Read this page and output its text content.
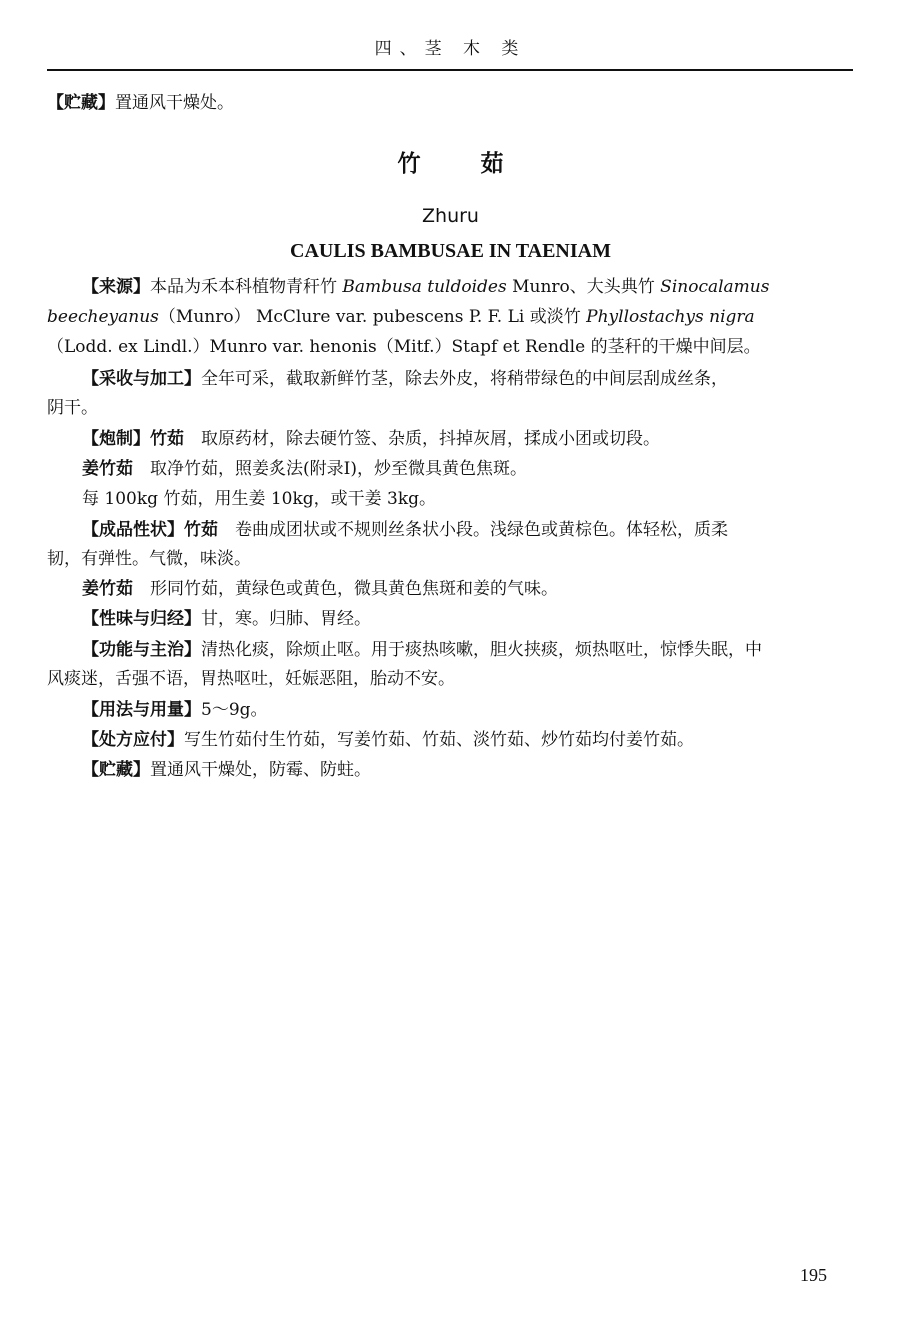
四、茎 木 类
【贮藏】置通风干燥处。
竹茹
Zhuru
CAULIS BAMBUSAE IN TAENIAM
【来源】本品为禾本科植物青秆竹 Bambusa tuldoides Munro、大头典竹 Sinocalamus
beecheyanus（Munro） McClure var. pubescens P. F. Li 或淡竹 Phyllostachys nigra
（Lodd. ex Lindl.）Munro var. henonis（Mitf.）Stapf et Rendle 的茎秆的干燥中间层。
【采收与加工】全年可采，截取新鲜竹茎，除去外皮，将稍带绿色的中间层刮成丝条，
阴干。
【炮制】竹茹　取原药材，除去硬竹签、杂质，抖掉灰屑，揉成小团或切段。
姜竹茹　取净竹茹，照姜炙法(附录Ⅰ)，炒至微具黄色焦斑。
每 100kg 竹茹，用生姜 10kg，或干姜 3kg。
【成品性状】竹茹　卷曲成团状或不规则丝条状小段。浅绿色或黄棕色。体轻松，质柔
韧，有弹性。气微，味淡。
姜竹茹　形同竹茹，黄绿色或黄色，微具黄色焦斑和姜的气味。
【性味与归经】甘，寒。归肺、胃经。
【功能与主治】清热化痰，除烦止呕。用于痰热咳嗽，胆火挟痰，烦热呕吐，惊悸失眠，中
风痰迷，舌强不语，胃热呕吐，妊娠恶阻，胎动不安。
【用法与用量】5～9g。
【处方应付】写生竹茹付生竹茹，写姜竹茹、竹茹、淡竹茹、炒竹茹均付姜竹茹。
【贮藏】置通风干燥处，防霉、防蛀。
195
